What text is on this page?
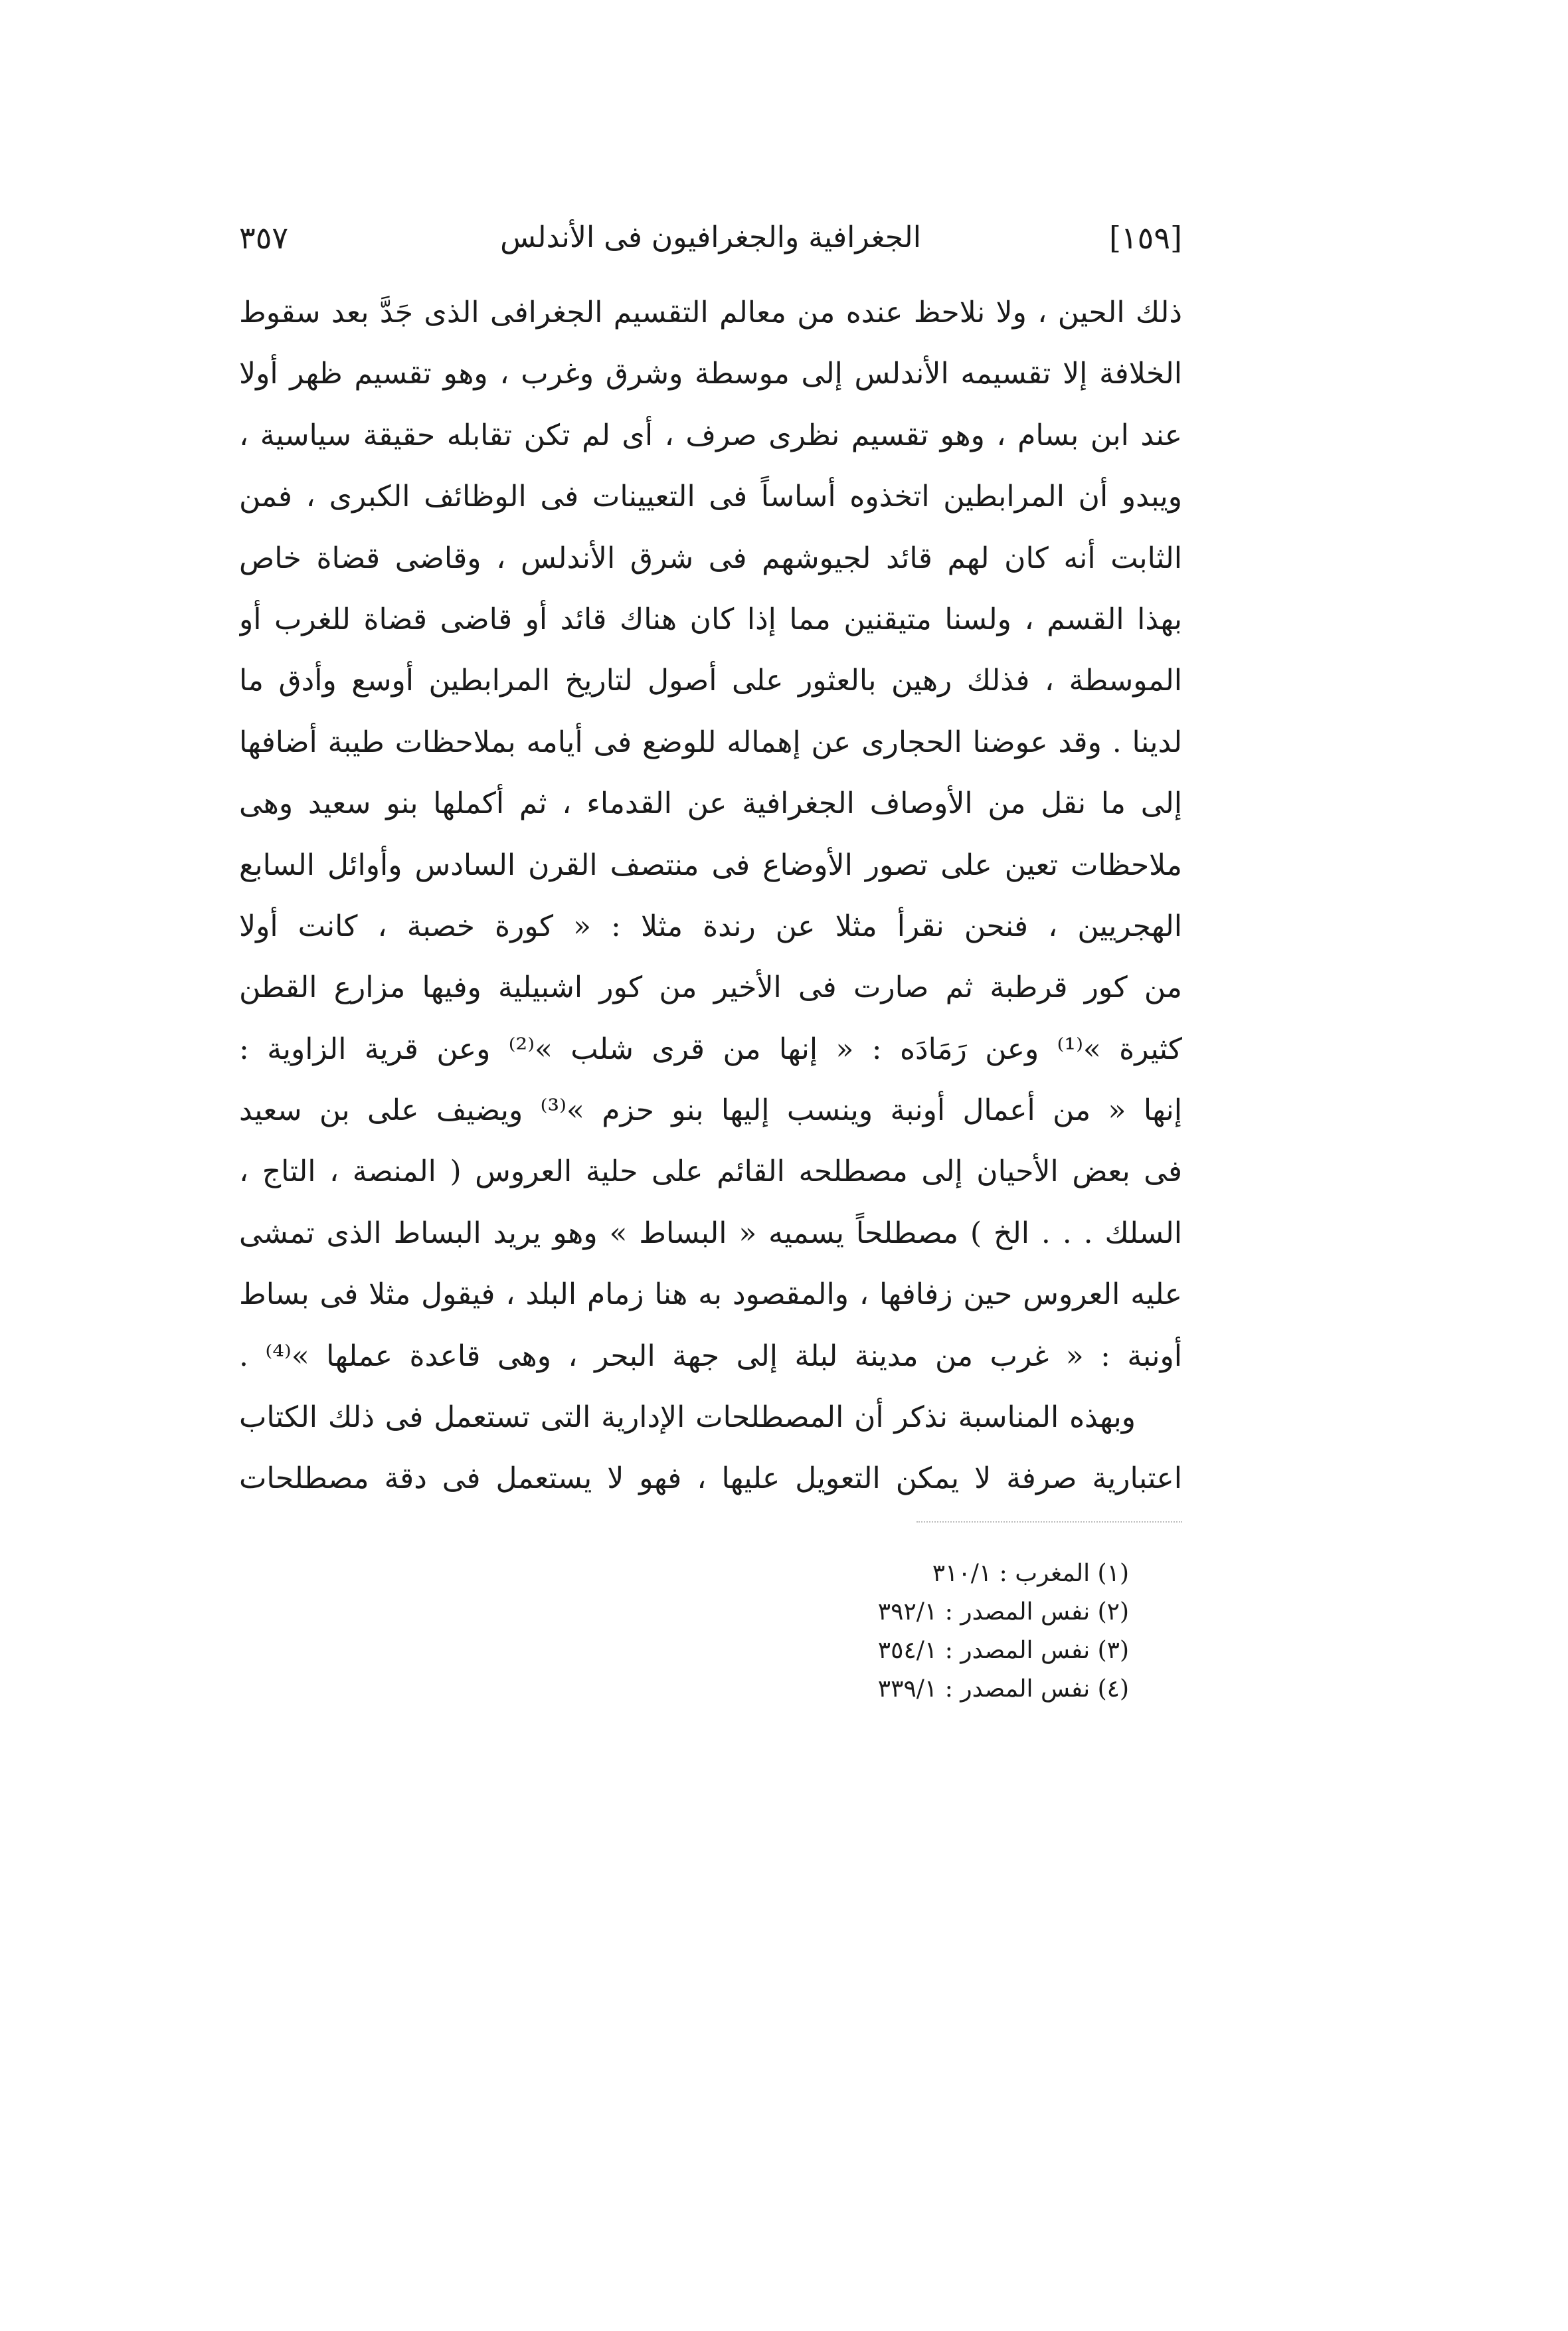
[١٥٩]
الجغرافية والجغرافيون فى الأندلس
٣٥٧
ذلك الحين ، ولا نلاحظ عنده من معالم التقسيم الجغرافى الذى جَدَّ بعد سقوط
الخلافة إلا تقسيمه الأندلس إلى موسطة وشرق وغرب ، وهو تقسيم ظهر أولا
عند ابن بسام ، وهو تقسيم نظرى صرف ، أى لم تكن تقابله حقيقة سياسية ،
ويبدو أن المرابطين اتخذوه أساساً فى التعيينات فى الوظائف الكبرى ، فمن
الثابت أنه كان لهم قائد لجيوشهم فى شرق الأندلس ، وقاضى قضاة خاص
بهذا القسم ، ولسنا متيقنين مما إذا كان هناك قائد أو قاضى قضاة للغرب أو
الموسطة ، فذلك رهين بالعثور على أصول لتاريخ المرابطين أوسع وأدق ما
لدينا . وقد عوضنا الحجارى عن إهماله للوضع فى أيامه بملاحظات طيبة أضافها
إلى ما نقل من الأوصاف الجغرافية عن القدماء ، ثم أكملها بنو سعيد وهى
ملاحظات تعين على تصور الأوضاع فى منتصف القرن السادس وأوائل السابع
الهجريين ، فنحن نقرأ مثلا عن رندة مثلا : « كورة خصبة ، كانت أولا
من كور قرطبة ثم صارت فى الأخير من كور اشبيلية وفيها مزارع القطن
كثيرة »⁽¹⁾ وعن رَمَادَه : « إنها من قرى شلب »⁽²⁾ وعن قرية الزاوية :
إنها « من أعمال أونبة وينسب إليها بنو حزم »⁽³⁾ ويضيف على بن سعيد
فى بعض الأحيان إلى مصطلحه القائم على حلية العروس ( المنصة ، التاج ،
السلك . . . الخ ) مصطلحاً يسميه « البساط » وهو يريد البساط الذى تمشى
عليه العروس حين زفافها ، والمقصود به هنا زمام البلد ، فيقول مثلا فى بساط
أونبة : « غرب من مدينة لبلة إلى جهة البحر ، وهى قاعدة عملها »⁽⁴⁾ .
وبهذه المناسبة نذكر أن المصطلحات الإدارية التى تستعمل فى ذلك الكتاب
اعتبارية صرفة لا يمكن التعويل عليها ، فهو لا يستعمل فى دقة مصطلحات
(١) المغرب : ٣١٠/١
(٢) نفس المصدر : ٣٩٢/١
(٣) نفس المصدر : ٣٥٤/١
(٤) نفس المصدر : ٣٣٩/١
